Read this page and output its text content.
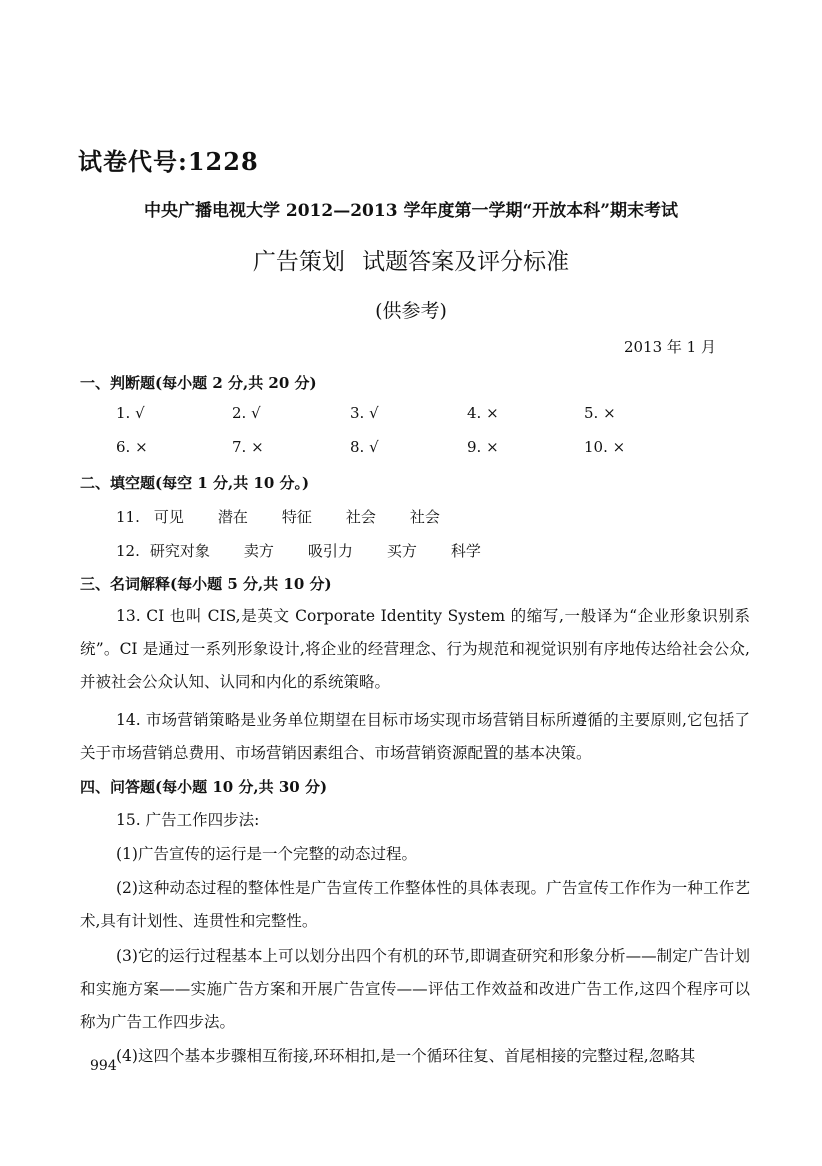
试卷代号:1228
中央广播电视大学 2012—2013 学年度第一学期“开放本科”期末考试
广告策划 试题答案及评分标准
(供参考)
2013 年 1 月
一、判断题(每小题 2 分,共 20 分)
1. √	2. √	3. √	4. ×	5. ×
6. ×	7. ×	8. √	9. ×	10. ×
二、填空题(每空 1 分,共 10 分。)
11. 可见 潜在 特征 社会 社会
12. 研究对象 卖方 吸引力 买方 科学
三、名词解释(每小题 5 分,共 10 分)
13. CI 也叫 CIS,是英文 Corporate Identity System 的缩写,一般译为“企业形象识别系统”。CI 是通过一系列形象设计,将企业的经营理念、行为规范和视觉识别有序地传达给社会公众,并被社会公众认知、认同和内化的系统策略。
14. 市场营销策略是业务单位期望在目标市场实现市场营销目标所遵循的主要原则,它包括了关于市场营销总费用、市场营销因素组合、市场营销资源配置的基本决策。
四、问答题(每小题 10 分,共 30 分)
15. 广告工作四步法:
(1)广告宣传的运行是一个完整的动态过程。
(2)这种动态过程的整体性是广告宣传工作整体性的具体表现。广告宣传工作作为一种工作艺术,具有计划性、连贯性和完整性。
(3)它的运行过程基本上可以划分出四个有机的环节,即调查研究和形象分析——制定广告计划和实施方案——实施广告方案和开展广告宣传——评估工作效益和改进广告工作,这四个程序可以称为广告工作四步法。
(4)这四个基本步骤相互衔接,环环相扣,是一个循环往复、首尾相接的完整过程,忽略其
994
